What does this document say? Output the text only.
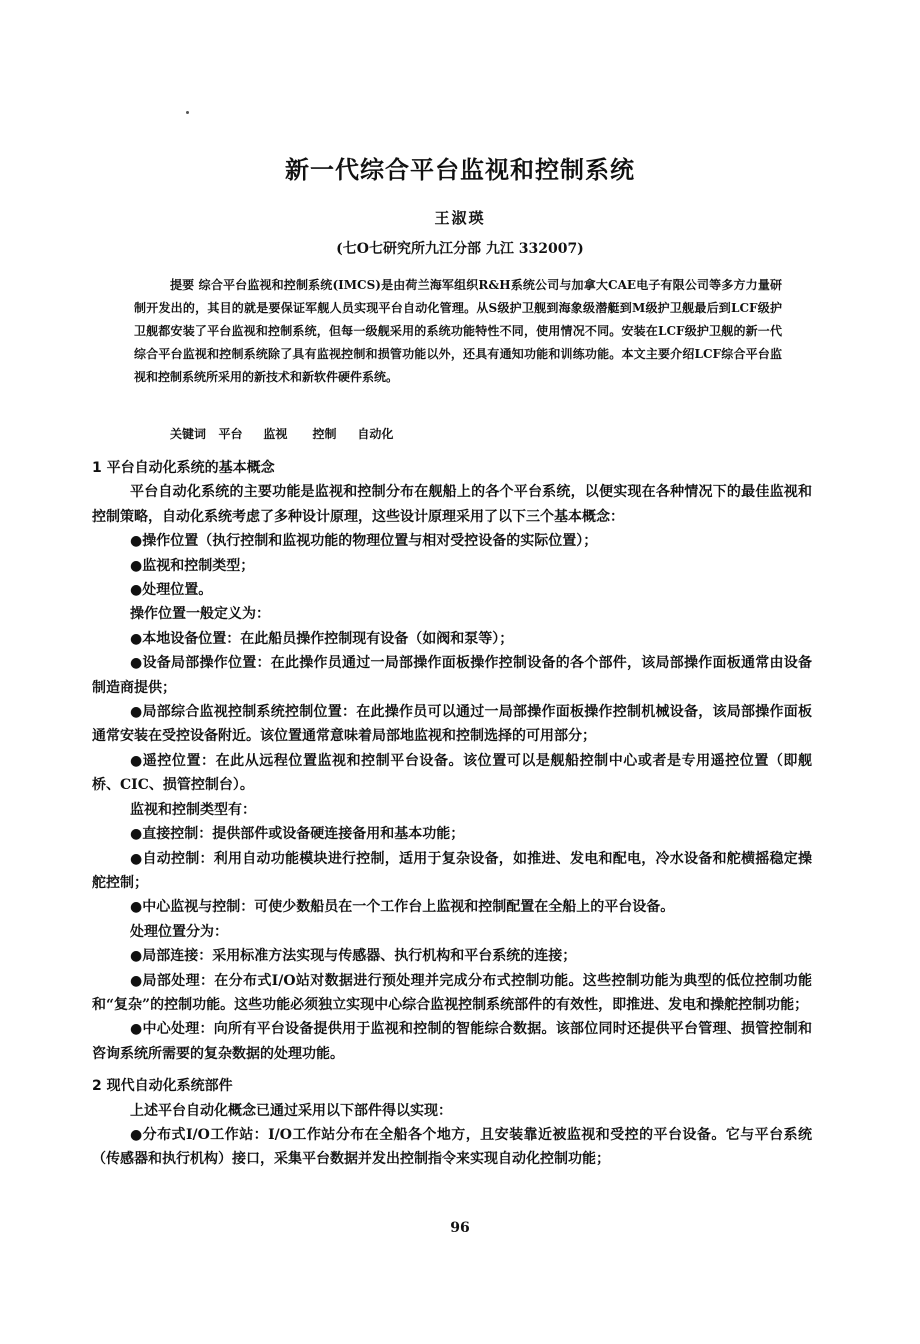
新一代综合平台监视和控制系统
王淑瑛
(七O七研究所九江分部 九江 332007)
提要 综合平台监视和控制系统(IMCS)是由荷兰海军组织R&H系统公司与加拿大CAE电子有限公司等多方力量研制开发出的，其目的就是要保证军舰人员实现平台自动化管理。从S级护卫舰到海象级潜艇到M级护卫舰最后到LCF级护卫舰都安装了平台监视和控制系统，但每一级舰采用的系统功能特性不同，使用情况不同。安装在LCF级护卫舰的新一代综合平台监视和控制系统除了具有监视控制和损管功能以外，还具有通知功能和训练功能。本文主要介绍LCF综合平台监视和控制系统所采用的新技术和新软件硬件系统。
关键词   平台     监视      控制     自动化
1 平台自动化系统的基本概念

平台自动化系统的主要功能是监视和控制分布在舰船上的各个平台系统，以便实现在各种情况下的最佳监视和控制策略，自动化系统考虑了多种设计原理，这些设计原理采用了以下三个基本概念：

●操作位置（执行控制和监视功能的物理位置与相对受控设备的实际位置）；

●监视和控制类型；

●处理位置。

操作位置一般定义为：

●本地设备位置：在此船员操作控制现有设备（如阀和泵等）；

●设备局部操作位置：在此操作员通过一局部操作面板操作控制设备的各个部件，该局部操作面板通常由设备制造商提供；

●局部综合监视控制系统控制位置：在此操作员可以通过一局部操作面板操作控制机械设备，该局部操作面板通常安装在受控设备附近。该位置通常意味着局部地监视和控制选择的可用部分；

●遥控位置：在此从远程位置监视和控制平台设备。该位置可以是舰船控制中心或者是专用遥控位置（即舰桥、CIC、损管控制台）。

监视和控制类型有：

●直接控制：提供部件或设备硬连接备用和基本功能；

●自动控制：利用自动功能模块进行控制，适用于复杂设备，如推进、发电和配电，冷水设备和舵横摇稳定操舵控制；

●中心监视与控制：可使少数船员在一个工作台上监视和控制配置在全船上的平台设备。

处理位置分为：

●局部连接：采用标准方法实现与传感器、执行机构和平台系统的连接；

●局部处理：在分布式I/O站对数据进行预处理并完成分布式控制功能。这些控制功能为典型的低位控制功能和“复杂”的控制功能。这些功能必须独立实现中心综合监视控制系统部件的有效性，即推进、发电和操舵控制功能；

●中心处理：向所有平台设备提供用于监视和控制的智能综合数据。该部位同时还提供平台管理、损管控制和咨询系统所需要的复杂数据的处理功能。

2 现代自动化系统部件

上述平台自动化概念已通过采用以下部件得以实现：

●分布式I/O工作站：I/O工作站分布在全船各个地方，且安装靠近被监视和受控的平台设备。它与平台系统（传感器和执行机构）接口，采集平台数据并发出控制指令来实现自动化控制功能；

96
